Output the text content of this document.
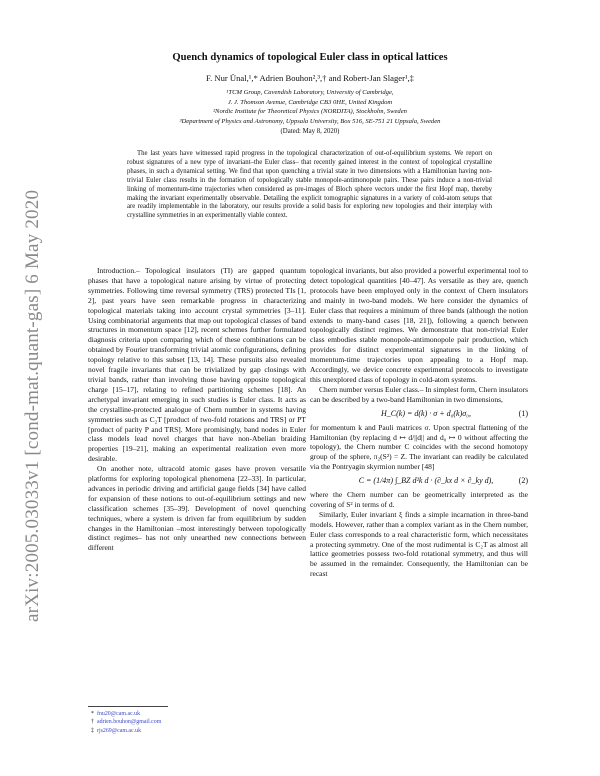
arXiv:2005.03033v1 [cond-mat.quant-gas] 6 May 2020
Quench dynamics of topological Euler class in optical lattices
F. Nur Ünal,¹,* Adrien Bouhon²,³,† and Robert-Jan Slager¹,‡
¹TCM Group, Cavendish Laboratory, University of Cambridge,
J. J. Thomson Avenue, Cambridge CB3 0HE, United Kingdom
²Nordic Institute for Theoretical Physics (NORDITA), Stockholm, Sweden
³Department of Physics and Astronomy, Uppsala University, Box 516, SE-751 21 Uppsala, Sweden
(Dated: May 8, 2020)
The last years have witnessed rapid progress in the topological characterization of out-of-equilibrium systems. We report on robust signatures of a new type of invariant–the Euler class– that recently gained interest in the context of topological crystalline phases, in such a dynamical setting. We find that upon quenching a trivial state in two dimensions with a Hamiltonian having non-trivial Euler class results in the formation of topologically stable monopole-antimonopole pairs. These pairs induce a non-trivial linking of momentum-time trajectories when considered as pre-images of Bloch sphere vectors under the first Hopf map, thereby making the invariant experimentally observable. Detailing the explicit tomographic signatures in a variety of cold-atom setups that are readily implementable in the laboratory, our results provide a solid basis for exploring new topologies and their interplay with crystalline symmetries in an experimentally viable context.

Introduction.– Topological insulators (TI) are gapped quantum phases that have a topological nature arising by virtue of protecting symmetries. Following time reversal symmetry (TRS) protected TIs [1, 2], past years have seen remarkable progress in characterizing topological materials taking into account crystal symmetries [3–11]. Using combinatorial arguments that map out topological classes of band structures in momentum space [12], recent schemes further formulated diagnosis criteria upon comparing which of these combinations can be obtained by Fourier transforming trivial atomic configurations, defining topology relative to this subset [13, 14]. These pursuits also revealed novel fragile invariants that can be trivialized by gap closings with trivial bands, rather than involving those having opposite topological charge [15–17], relating to refined partitioning schemes [18]. An archetypal invariant emerging in such studies is Euler class. It acts as the crystalline-protected analogue of Chern number in systems having symmetries such as C₂T [product of two-fold rotations and TRS] or PT [product of parity P and TRS]. More promisingly, band nodes in Euler class models lead novel charges that have non-Abelian braiding properties [19–21], making an experimental realization even more desirable.

On another note, ultracold atomic gases have proven versatile platforms for exploring topological phenomena [22–33]. In particular, advances in periodic driving and artificial gauge fields [34] have called for expansion of these notions to out-of-equilibrium settings and new classification schemes [35–39]. Development of novel quenching techniques, where a system is driven far from equilibrium by sudden changes in the Hamiltonian –most interestingly between topologically distinct regimes– has not only unearthed new connections between different

topological invariants, but also provided a powerful experimental tool to detect topological quantities [40–47]. As versatile as they are, quench protocols have been employed only in the context of Chern insulators and mainly in two-band models. We here consider the dynamics of Euler class that requires a minimum of three bands (although the notion extends to many-band cases [18, 21]), following a quench between topologically distinct regimes. We demonstrate that non-trivial Euler class embodies stable monopole-antimonopole pair production, which provides for distinct experimental signatures in the linking of momentum-time trajectories upon appealing to a Hopf map. Accordingly, we device concrete experimental protocols to investigate this unexplored class of topology in cold-atom systems.

Chern number versus Euler class.– In simplest form, Chern insulators can be described by a two-band Hamiltonian in two dimensions,

H_C(k) = d(k) · σ + d₀(k)σ₀,	(1)

for momentum k and Pauli matrices σ. Upon spectral flattening of the Hamiltonian (by replacing d ↦ d/||d|| and d₀ ↦ 0 without affecting the topology), the Chern number C coincides with the second homotopy group of the sphere, π₂(S²) = Z. The invariant can readily be calculated via the Pontryagin skyrmion number [48]

C = (1/4π) ∫_BZ d²k d · (∂_kx d × ∂_ky d),	(2)

where the Chern number can be geometrically interpreted as the covering of S² in terms of d.

Similarly, Euler invariant ξ finds a simple incarnation in three-band models. However, rather than a complex variant as in the Chern number, Euler class corresponds to a real characteristic form, which necessitates a protecting symmetry. One of the most rudimental is C₂T as almost all lattice geometries possess two-fold rotational symmetry, and thus will be assumed in the remainder. Consequently, the Hamiltonian can be recast

* fnu20@cam.ac.uk
† adrien.bouhon@gmail.com
‡ rjs269@cam.ac.uk
